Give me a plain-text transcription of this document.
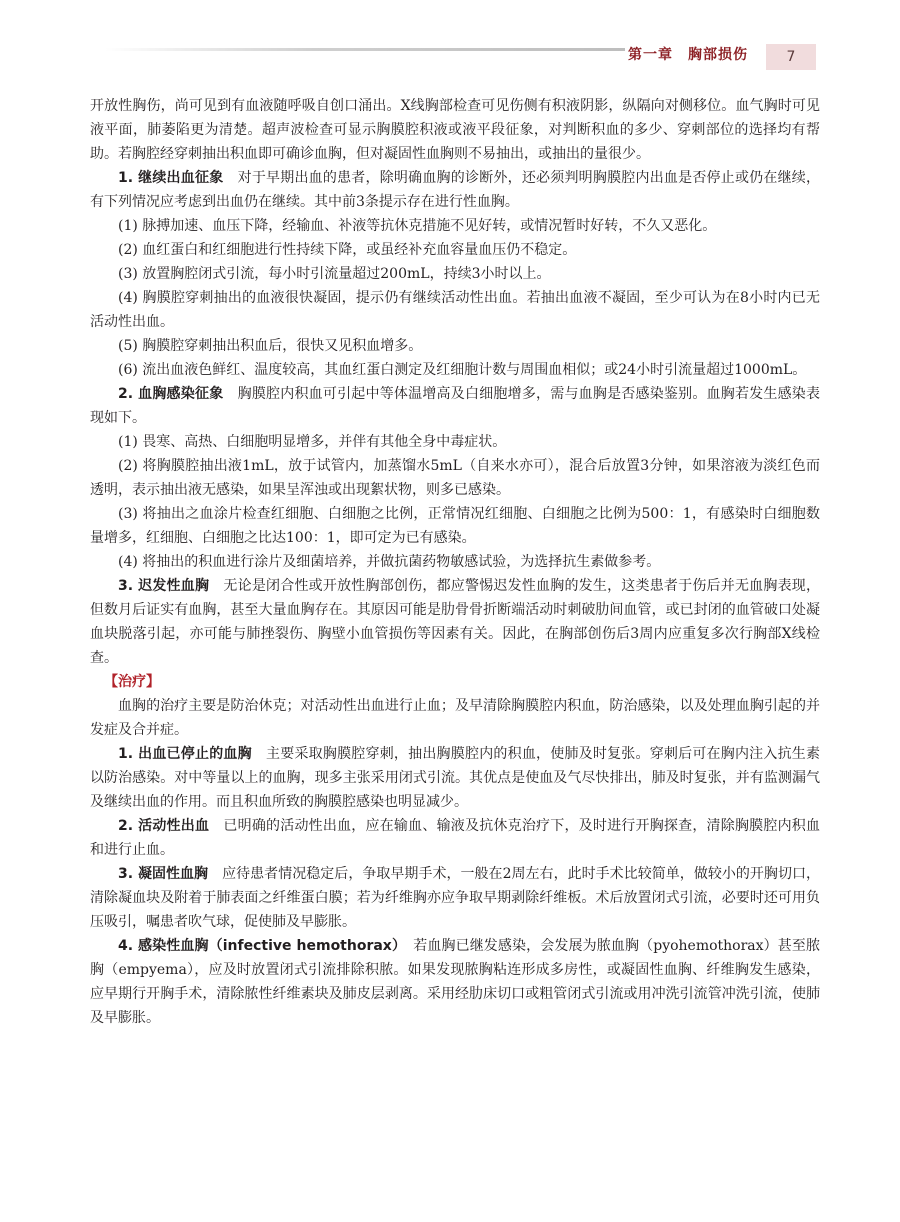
第一章　胸部损伤	7

开放性胸伤，尚可见到有血液随呼吸自创口涌出。X线胸部检查可见伤侧有积液阴影，纵隔向对侧移位。血气胸时可见液平面，肺萎陷更为清楚。超声波检查可显示胸膜腔积液或液平段征象，对判断积血的多少、穿刺部位的选择均有帮助。若胸腔经穿刺抽出积血即可确诊血胸，但对凝固性血胸则不易抽出，或抽出的量很少。

1. 继续出血征象　 对于早期出血的患者，除明确血胸的诊断外，还必须判明胸膜腔内出血是否停止或仍在继续，有下列情况应考虑到出血仍在继续。其中前3条提示存在进行性血胸。

(1) 脉搏加速、血压下降，经输血、补液等抗休克措施不见好转，或情况暂时好转，不久又恶化。

(2) 血红蛋白和红细胞进行性持续下降，或虽经补充血容量血压仍不稳定。

(3) 放置胸腔闭式引流，每小时引流量超过200mL，持续3小时以上。

(4) 胸膜腔穿刺抽出的血液很快凝固，提示仍有继续活动性出血。若抽出血液不凝固，至少可认为在8小时内已无活动性出血。

(5) 胸膜腔穿刺抽出积血后，很快又见积血增多。

(6) 流出血液色鲜红、温度较高，其血红蛋白测定及红细胞计数与周围血相似；或24小时引流量超过1000mL。

2. 血胸感染征象　 胸膜腔内积血可引起中等体温增高及白细胞增多，需与血胸是否感染鉴别。血胸若发生感染表现如下。

(1) 畏寒、高热、白细胞明显增多，并伴有其他全身中毒症状。

(2) 将胸膜腔抽出液1mL，放于试管内，加蒸馏水5mL（自来水亦可），混合后放置3分钟，如果溶液为淡红色而透明，表示抽出液无感染，如果呈浑浊或出现絮状物，则多已感染。

(3) 将抽出之血涂片检查红细胞、白细胞之比例，正常情况红细胞、白细胞之比例为500：1，有感染时白细胞数量增多，红细胞、白细胞之比达100：1，即可定为已有感染。

(4) 将抽出的积血进行涂片及细菌培养，并做抗菌药物敏感试验，为选择抗生素做参考。

3. 迟发性血胸　 无论是闭合性或开放性胸部创伤，都应警惕迟发性血胸的发生，这类患者于伤后并无血胸表现，但数月后证实有血胸，甚至大量血胸存在。其原因可能是肋骨骨折断端活动时刺破肋间血管，或已封闭的血管破口处凝血块脱落引起，亦可能与肺挫裂伤、胸壁小血管损伤等因素有关。因此，在胸部创伤后3周内应重复多次行胸部X线检查。

【治疗】

血胸的治疗主要是防治休克；对活动性出血进行止血；及早清除胸膜腔内积血，防治感染，以及处理血胸引起的并发症及合并症。

1. 出血已停止的血胸　 主要采取胸膜腔穿刺，抽出胸膜腔内的积血，使肺及时复张。穿刺后可在胸内注入抗生素以防治感染。对中等量以上的血胸，现多主张采用闭式引流。其优点是使血及气尽快排出，肺及时复张，并有监测漏气及继续出血的作用。而且积血所致的胸膜腔感染也明显减少。

2. 活动性出血　 已明确的活动性出血，应在输血、输液及抗休克治疗下，及时进行开胸探查，清除胸膜腔内积血和进行止血。

3. 凝固性血胸　 应待患者情况稳定后，争取早期手术，一般在2周左右，此时手术比较简单，做较小的开胸切口，清除凝血块及附着于肺表面之纤维蛋白膜；若为纤维胸亦应争取早期剥除纤维板。术后放置闭式引流，必要时还可用负压吸引，嘱患者吹气球，促使肺及早膨胀。

4. 感染性血胸（infective hemothorax）　 若血胸已继发感染，会发展为脓血胸（pyohemothorax）甚至脓胸（empyema），应及时放置闭式引流排除积脓。如果发现脓胸粘连形成多房性，或凝固性血胸、纤维胸发生感染，应早期行开胸手术，清除脓性纤维素块及肺皮层剥离。采用经肋床切口或粗管闭式引流或用冲洗引流管冲洗引流，使肺及早膨胀。
